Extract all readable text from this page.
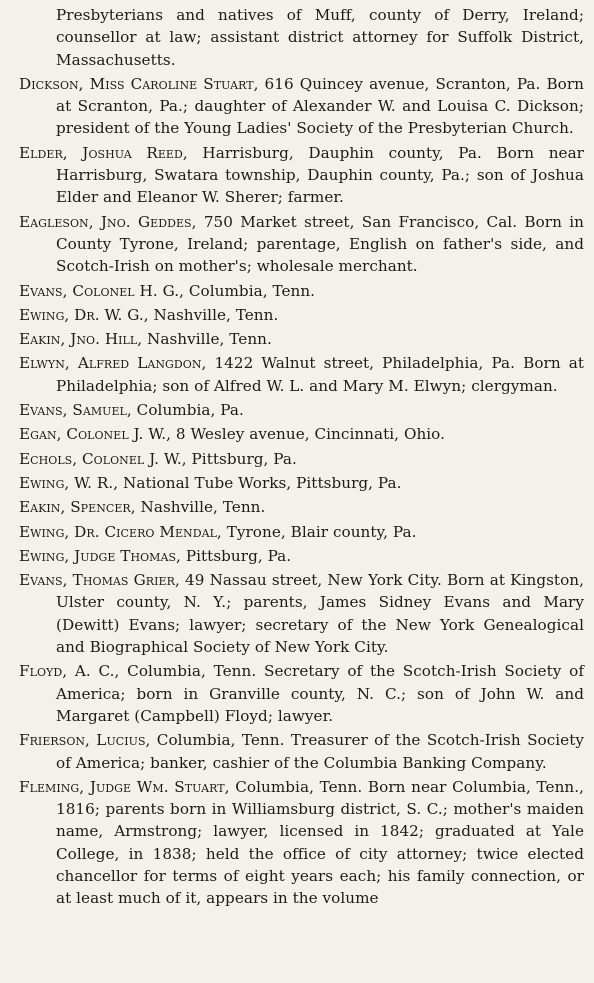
Presbyterians and natives of Muff, county of Derry, Ireland; counsellor at law; assistant district attorney for Suffolk District, Massachusetts.

Dickson, Miss Caroline Stuart, 616 Quincey avenue, Scranton, Pa. Born at Scranton, Pa.; daughter of Alexander W. and Louisa C. Dickson; president of the Young Ladies' Society of the Presbyterian Church.

Elder, Joshua Reed, Harrisburg, Dauphin county, Pa. Born near Harrisburg, Swatara township, Dauphin county, Pa.; son of Joshua Elder and Eleanor W. Sherer; farmer.

Eagleson, Jno. Geddes, 750 Market street, San Francisco, Cal. Born in County Tyrone, Ireland; parentage, English on father's side, and Scotch-Irish on mother's; wholesale merchant.

Evans, Colonel H. G., Columbia, Tenn.

Ewing, Dr. W. G., Nashville, Tenn.

Eakin, Jno. Hill, Nashville, Tenn.

Elwyn, Alfred Langdon, 1422 Walnut street, Philadelphia, Pa. Born at Philadelphia; son of Alfred W. L. and Mary M. Elwyn; clergyman.

Evans, Samuel, Columbia, Pa.

Egan, Colonel J. W., 8 Wesley avenue, Cincinnati, Ohio.

Echols, Colonel J. W., Pittsburg, Pa.

Ewing, W. R., National Tube Works, Pittsburg, Pa.

Eakin, Spencer, Nashville, Tenn.

Ewing, Dr. Cicero Mendal, Tyrone, Blair county, Pa.

Ewing, Judge Thomas, Pittsburg, Pa.

Evans, Thomas Grier, 49 Nassau street, New York City. Born at Kingston, Ulster county, N. Y.; parents, James Sidney Evans and Mary (Dewitt) Evans; lawyer; secretary of the New York Genealogical and Biographical Society of New York City.

Floyd, A. C., Columbia, Tenn. Secretary of the Scotch-Irish Society of America; born in Granville county, N. C.; son of John W. and Margaret (Campbell) Floyd; lawyer.

Frierson, Lucius, Columbia, Tenn. Treasurer of the Scotch-Irish Society of America; banker, cashier of the Columbia Banking Company.

Fleming, Judge Wm. Stuart, Columbia, Tenn. Born near Columbia, Tenn., 1816; parents born in Williamsburg district, S. C.; mother's maiden name, Armstrong; lawyer, licensed in 1842; graduated at Yale College, in 1838; held the office of city attorney; twice elected chancellor for terms of eight years each; his family connection, or at least much of it, appears in the volume
